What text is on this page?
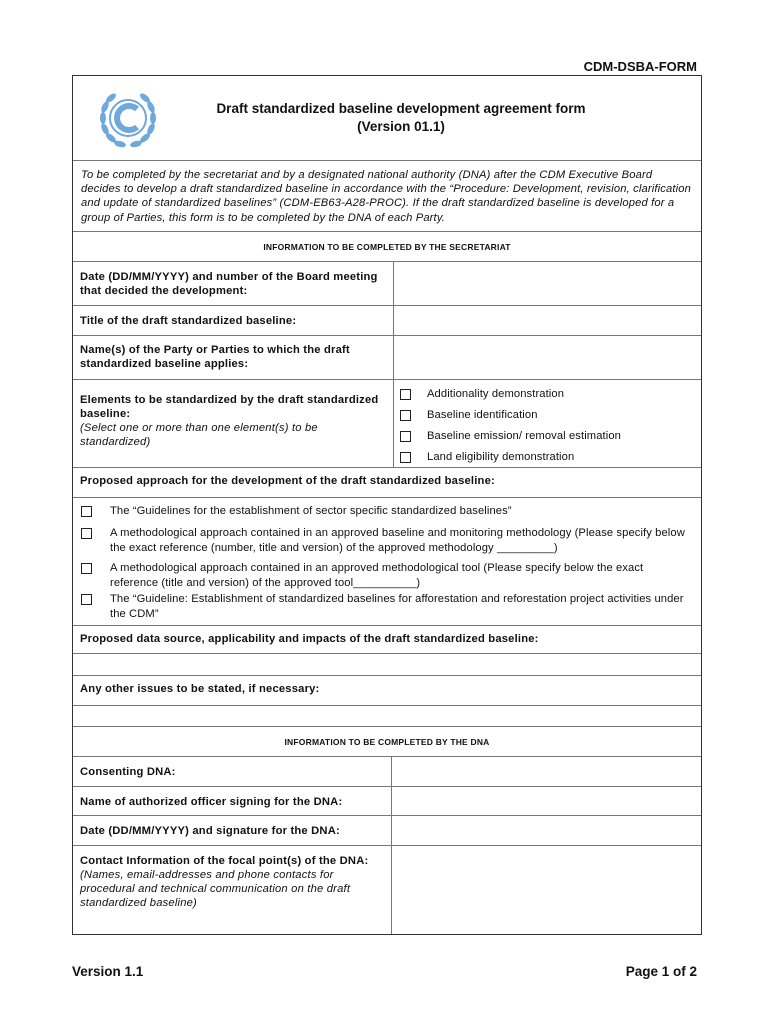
CDM-DSBA-FORM
Draft standardized baseline development agreement form
(Version 01.1)
To be completed by the secretariat and by a designated national authority (DNA) after the CDM Executive Board decides to develop a draft standardized baseline in accordance with the “Procedure: Development, revision, clarification and update of standardized baselines” (CDM-EB63-A28-PROC). If the draft standardized baseline is developed for a group of Parties, this form is to be completed by the DNA of each Party.
INFORMATION TO BE COMPLETED BY THE SECRETARIAT
Date (DD/MM/YYYY) and number of the Board meeting that decided the development:
Title of the draft standardized baseline:
Name(s) of the Party or Parties to which the draft standardized baseline applies:
Elements to be standardized by the draft standardized baseline:
(Select one or more than one element(s) to be standardized)
Additionality demonstration
Baseline identification
Baseline emission/ removal estimation
Land eligibility demonstration
Proposed approach for the development of the draft standardized baseline:
The “Guidelines for the establishment of sector specific standardized baselines”
A methodological approach contained in an approved baseline and monitoring methodology (Please specify below the exact reference (number, title and version) of the approved methodology _________)
A methodological approach contained in an approved methodological tool (Please specify below the exact reference (title and version) of the approved tool__________)
The “Guideline: Establishment of standardized baselines for afforestation and reforestation project activities under the CDM”
Proposed data source, applicability and impacts of the draft standardized baseline:
Any other issues to be stated, if necessary:
INFORMATION TO BE COMPLETED BY THE DNA
Consenting DNA:
Name of authorized officer signing for the DNA:
Date (DD/MM/YYYY) and signature for the DNA:
Contact Information of the focal point(s) of the DNA:
(Names, email-addresses and phone contacts for procedural and technical communication on the draft standardized baseline)
Version 1.1	Page 1 of 2
